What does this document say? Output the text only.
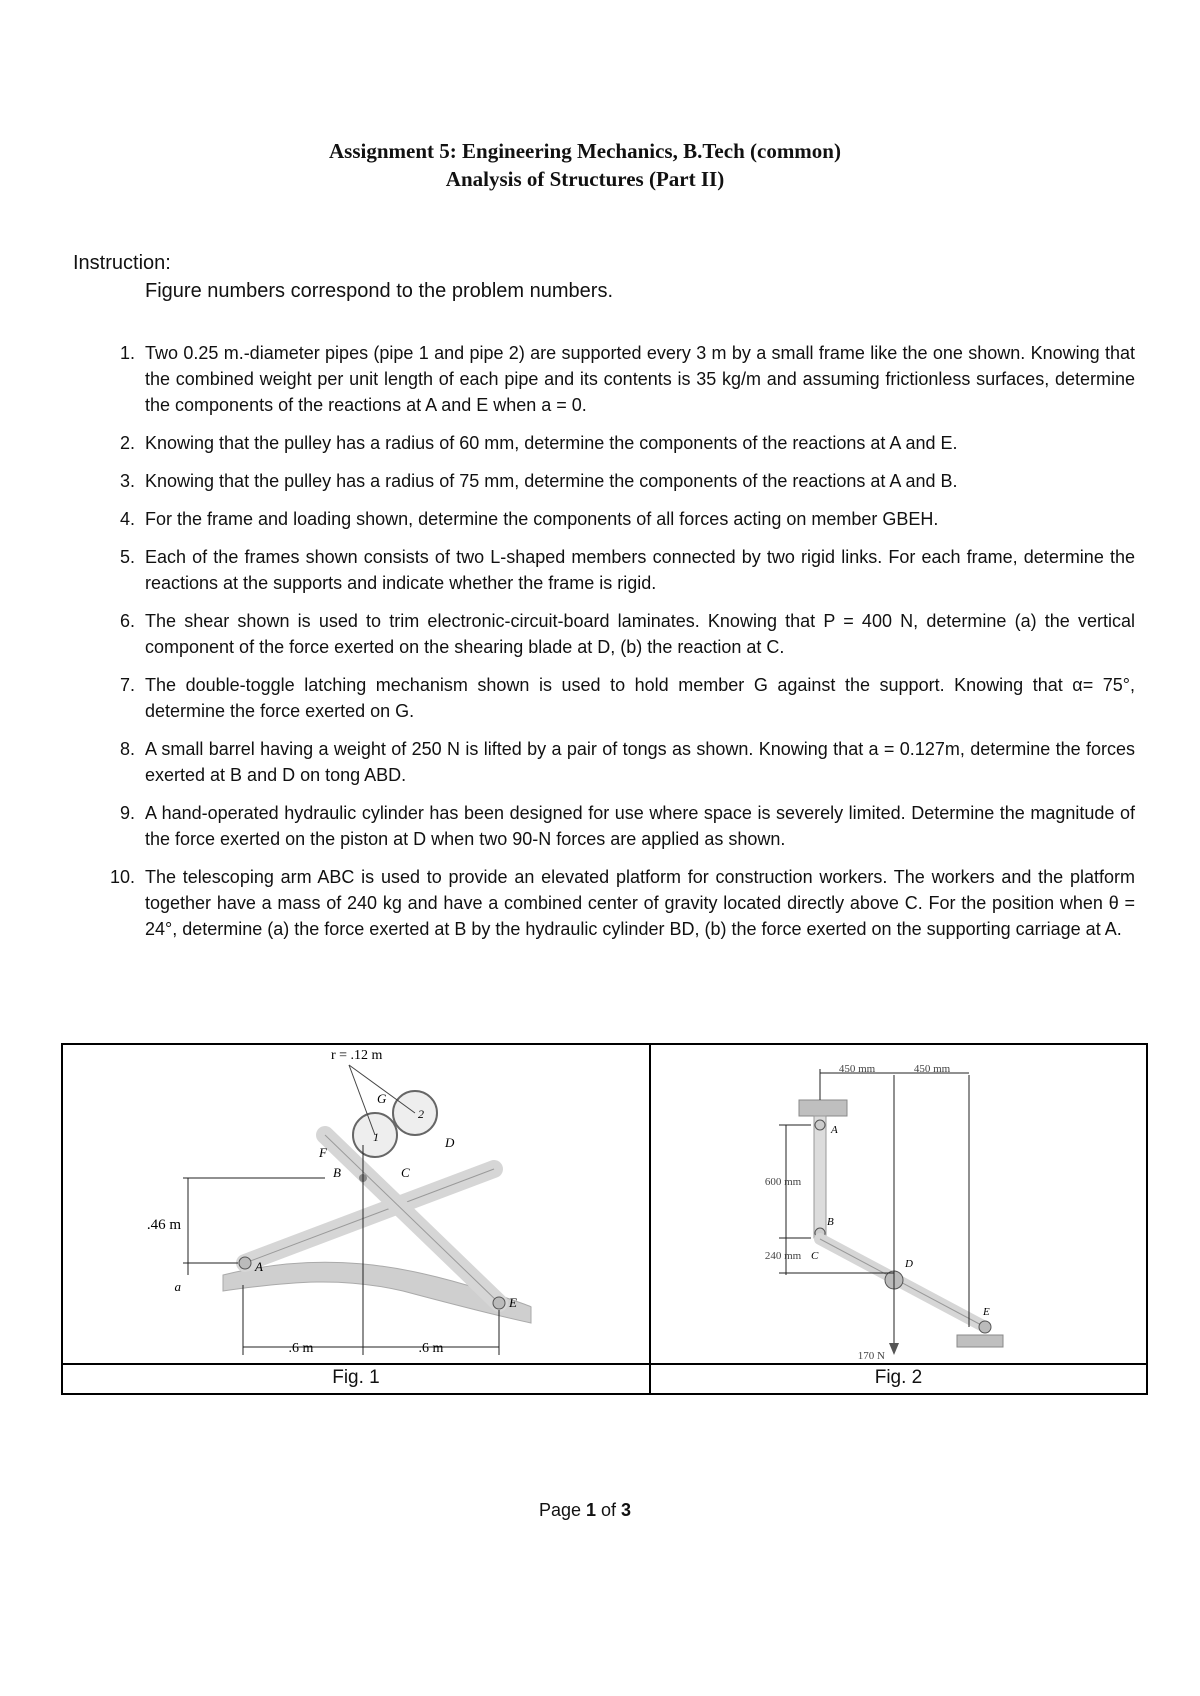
Assignment 5: Engineering Mechanics, B.Tech (common)
Analysis of Structures (Part II)
Instruction:
Figure numbers correspond to the problem numbers.
1. Two 0.25 m.-diameter pipes (pipe 1 and pipe 2) are supported every 3 m by a small frame like the one shown. Knowing that the combined weight per unit length of each pipe and its contents is 35 kg/m and assuming frictionless surfaces, determine the components of the reactions at A and E when a = 0.
2. Knowing that the pulley has a radius of 60 mm, determine the components of the reactions at A and E.
3. Knowing that the pulley has a radius of 75 mm, determine the components of the reactions at A and B.
4. For the frame and loading shown, determine the components of all forces acting on member GBEH.
5. Each of the frames shown consists of two L-shaped members connected by two rigid links. For each frame, determine the reactions at the supports and indicate whether the frame is rigid.
6. The shear shown is used to trim electronic-circuit-board laminates. Knowing that P = 400 N, determine (a) the vertical component of the force exerted on the shearing blade at D, (b) the reaction at C.
7. The double-toggle latching mechanism shown is used to hold member G against the support. Knowing that α= 75°, determine the force exerted on G.
8. A small barrel having a weight of 250 N is lifted by a pair of tongs as shown. Knowing that a = 0.127m, determine the forces exerted at B and D on tong ABD.
9. A hand-operated hydraulic cylinder has been designed for use where space is severely limited. Determine the magnitude of the force exerted on the piston at D when two 90-N forces are applied as shown.
10. The telescoping arm ABC is used to provide an elevated platform for construction workers. The workers and the platform together have a mass of 240 kg and have a combined center of gravity located directly above C. For the position when θ = 24°, determine (a) the force exerted at B by the hydraulic cylinder BD, (b) the force exerted on the supporting carriage at A.
r = .12 m
.46 m
a
.6 m	.6 m
A
B	C
D
E
F
G
1
2
Fig. 1
450 mm	450 mm
600 mm
240 mm
170 N
A
B
C
D
E
Fig. 2
Page 1 of 3
